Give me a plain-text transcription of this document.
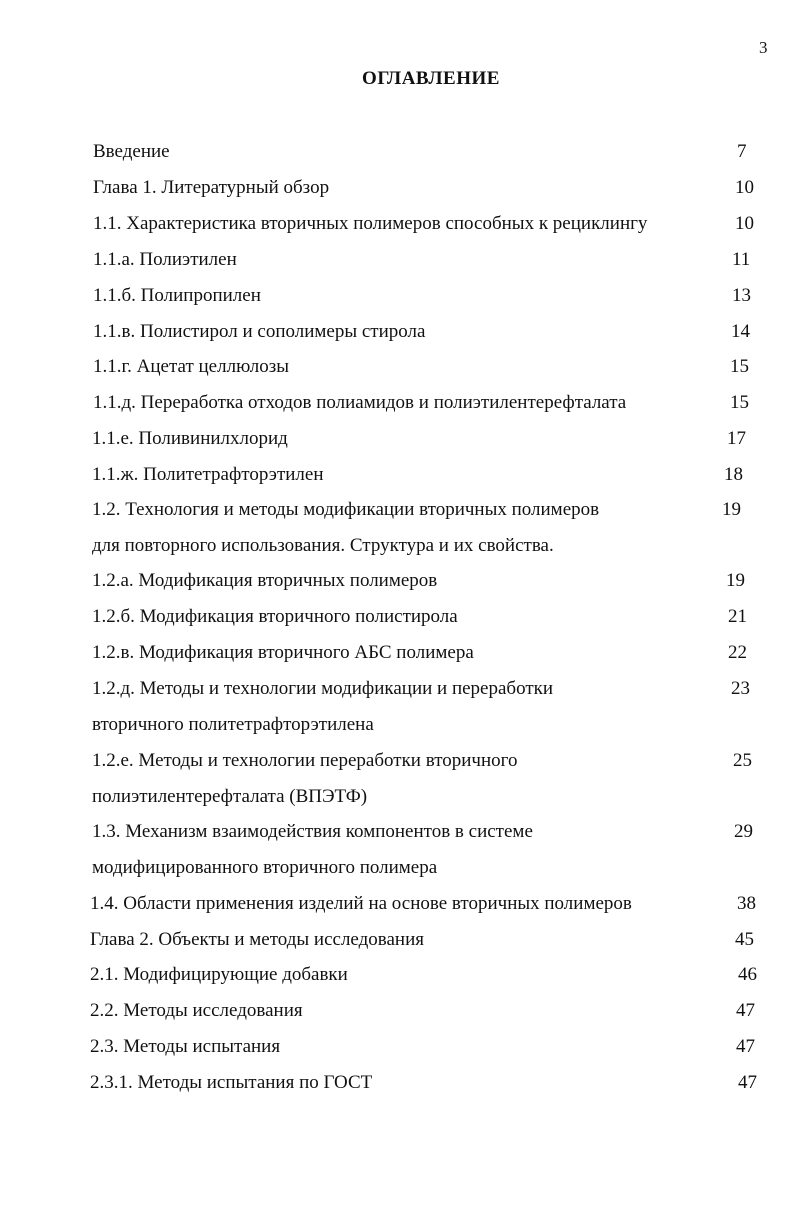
3
ОГЛАВЛЕНИЕ
Введение	7
Глава 1. Литературный обзор	10
1.1. Характеристика вторичных полимеров способных к рециклингу	10
1.1.а. Полиэтилен	11
1.1.б. Полипропилен	13
1.1.в. Полистирол и сополимеры стирола	14
1.1.г. Ацетат целлюлозы	15
1.1.д. Переработка отходов полиамидов и полиэтилентерефталата	15
1.1.е. Поливинилхлорид	17
1.1.ж. Политетрафторэтилен	18
1.2. Технология и методы модификации вторичных полимеров	19
для повторного использования. Структура и их свойства.
1.2.а. Модификация вторичных полимеров	19
1.2.б. Модификация вторичного полистирола	21
1.2.в. Модификация вторичного АБС полимера	22
1.2.д. Методы и технологии модификации и переработки	23
вторичного политетрафторэтилена
1.2.е. Методы и технологии переработки вторичного	25
полиэтилентерефталата (ВПЭТФ)
1.3. Механизм взаимодействия компонентов в системе	29
модифицированного вторичного полимера
1.4. Области применения изделий на основе вторичных полимеров	38
Глава 2. Объекты и методы исследования	45
2.1. Модифицирующие добавки	46
2.2. Методы исследования	47
2.3. Методы испытания	47
2.3.1. Методы испытания по ГОСТ	47
